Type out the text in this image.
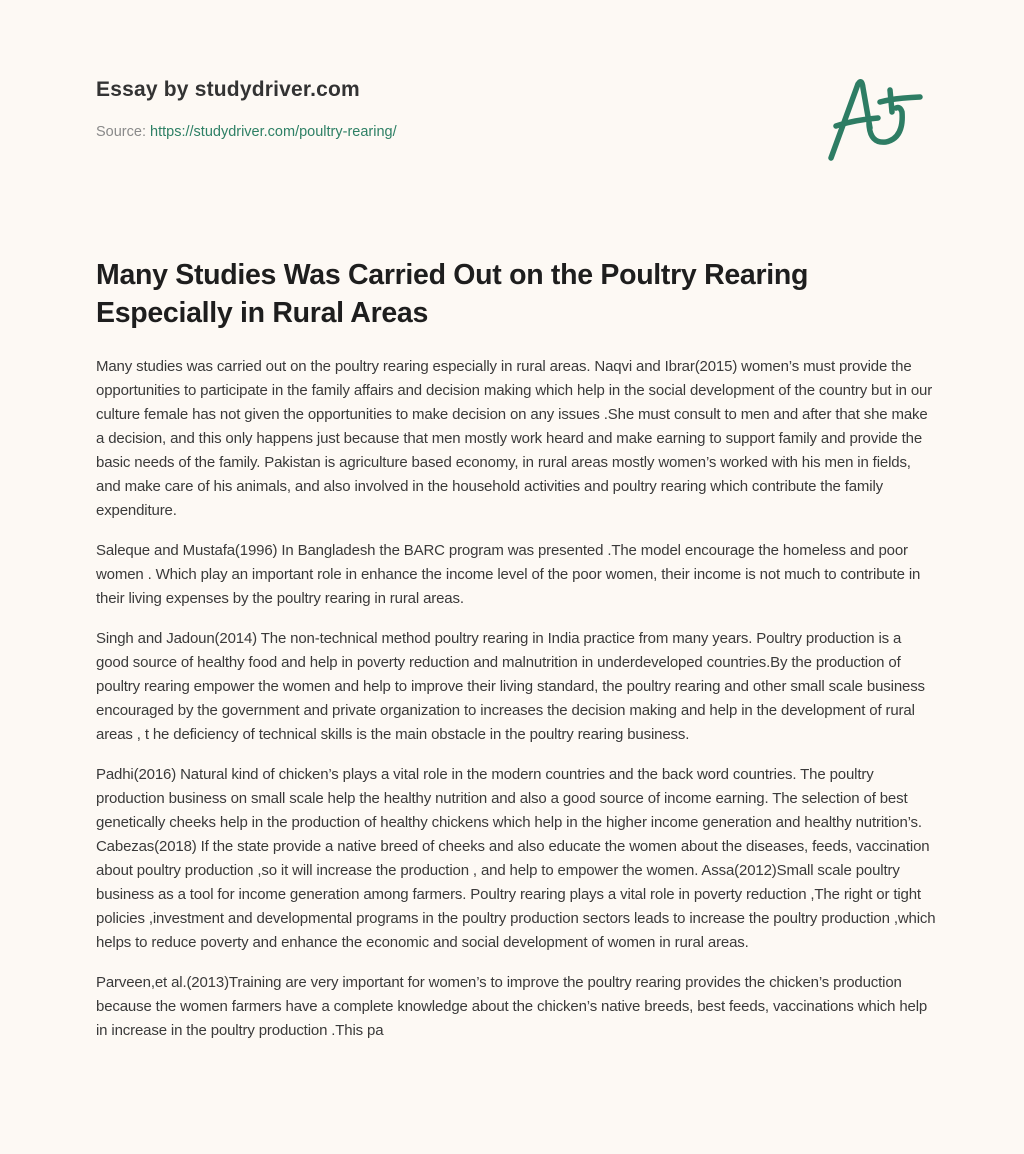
Essay by studydriver.com
Source: https://studydriver.com/poultry-rearing/
Many Studies Was Carried Out on the Poultry Rearing Especially in Rural Areas

Many studies was carried out on the poultry rearing especially in rural areas. Naqvi and Ibrar(2015) women’s must provide the opportunities to participate in the family affairs and decision making which help in the social development of the country but in our culture female has not given the opportunities to make decision on any issues .She must consult to men and after that she make a decision, and this only happens just because that men mostly work heard and make earning to support family and provide the basic needs of the family. Pakistan is agriculture based economy, in rural areas mostly women’s worked with his men in fields, and make care of his animals, and also involved in the household activities and poultry rearing which contribute the family expenditure.

Saleque and Mustafa(1996) In Bangladesh the BARC program was presented .The model encourage the homeless and poor women . Which play an important role in enhance the income level of the poor women, their income is not much to contribute in their living expenses by the poultry rearing in rural areas.

Singh and Jadoun(2014) The non-technical method poultry rearing in India practice from many years. Poultry production is a good source of healthy food and help in poverty reduction and malnutrition in underdeveloped countries.By the production of poultry rearing empower the women and help to improve their living standard, the poultry rearing and other small scale business encouraged by the government and private organization to increases the decision making and help in the development of rural areas , t he deficiency of technical skills is the main obstacle in the poultry rearing business.

Padhi(2016) Natural kind of chicken’s plays a vital role in the modern countries and the back word countries. The poultry production business on small scale help the healthy nutrition and also a good source of income earning. The selection of best genetically cheeks help in the production of healthy chickens which help in the higher income generation and healthy nutrition’s. Cabezas(2018) If the state provide a native breed of cheeks and also educate the women about the diseases, feeds, vaccination about poultry production ,so it will increase the production , and help to empower the women. Assa(2012)Small scale poultry business as a tool for income generation among farmers. Poultry rearing plays a vital role in poverty reduction ,The right or tight policies ,investment and developmental programs in the poultry production sectors leads to increase the poultry production ,which helps to reduce poverty and enhance the economic and social development of women in rural areas.

Parveen,et al.(2013)Training are very important for women’s to improve the poultry rearing provides the chicken’s production because the women farmers have a complete knowledge about the chicken’s native breeds, best feeds, vaccinations which help in increase in the poultry production .This pa
